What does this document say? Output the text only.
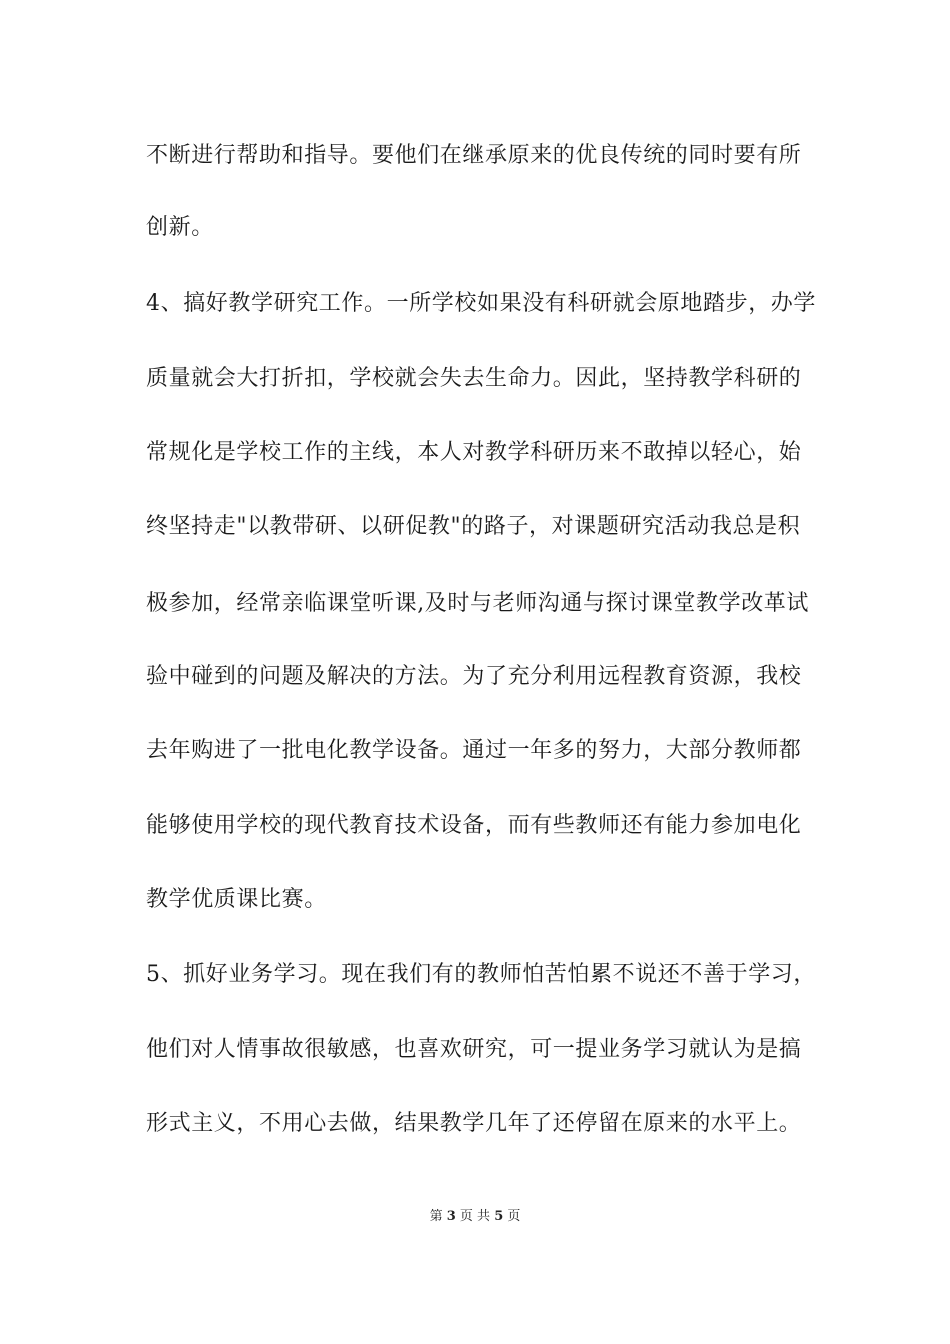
不断进行帮助和指导。要他们在继承原来的优良传统的同时要有所
创新。
4、搞好教学研究工作。一所学校如果没有科研就会原地踏步，办学
质量就会大打折扣，学校就会失去生命力。因此，坚持教学科研的
常规化是学校工作的主线，本人对教学科研历来不敢掉以轻心，始
终坚持走"以教带研、以研促教"的路子，对课题研究活动我总是积
极参加，经常亲临课堂听课,及时与老师沟通与探讨课堂教学改革试
验中碰到的问题及解决的方法。为了充分利用远程教育资源，我校
去年购进了一批电化教学设备。通过一年多的努力，大部分教师都
能够使用学校的现代教育技术设备，而有些教师还有能力参加电化
教学优质课比赛。
5、抓好业务学习。现在我们有的教师怕苦怕累不说还不善于学习，
他们对人情事故很敏感，也喜欢研究，可一提业务学习就认为是搞
形式主义，不用心去做，结果教学几年了还停留在原来的水平上。
第 3 页 共 5 页
